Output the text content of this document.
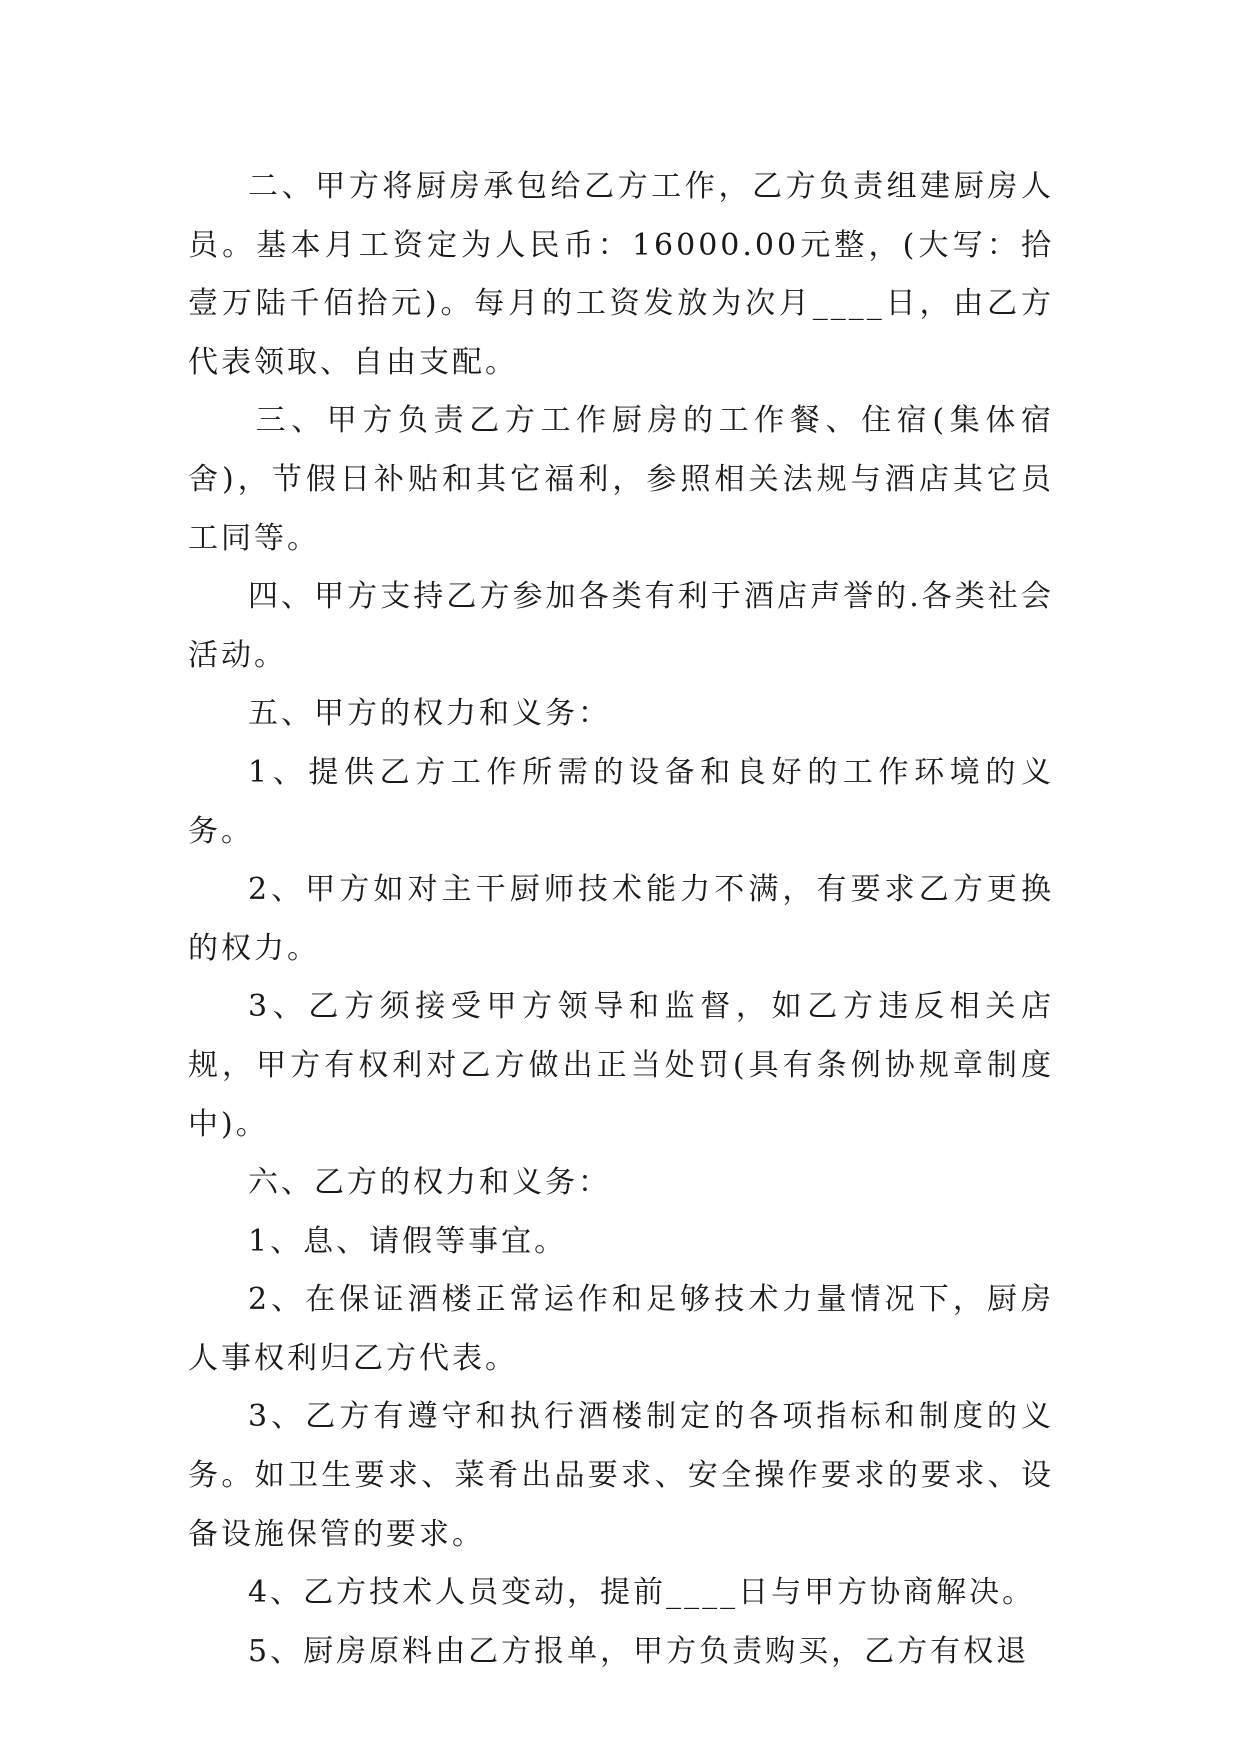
二、甲方将厨房承包给乙方工作，乙方负责组建厨房人员。基本月工资定为人民币：16000.00元整，(大写：拾壹万陆千佰拾元)。每月的工资发放为次月____日，由乙方代表领取、自由支配。

三、甲方负责乙方工作厨房的工作餐、住宿(集体宿舍)，节假日补贴和其它福利，参照相关法规与酒店其它员工同等。

四、甲方支持乙方参加各类有利于酒店声誉的.各类社会活动。

五、甲方的权力和义务：

1、提供乙方工作所需的设备和良好的工作环境的义务。

2、甲方如对主干厨师技术能力不满，有要求乙方更换的权力。

3、乙方须接受甲方领导和监督，如乙方违反相关店规，甲方有权利对乙方做出正当处罚(具有条例协规章制度中)。

六、乙方的权力和义务：

1、息、请假等事宜。

2、在保证酒楼正常运作和足够技术力量情况下，厨房人事权利归乙方代表。

3、乙方有遵守和执行酒楼制定的各项指标和制度的义务。如卫生要求、菜肴出品要求、安全操作要求的要求、设备设施保管的要求。

4、乙方技术人员变动，提前____日与甲方协商解决。

5、厨房原料由乙方报单，甲方负责购买，乙方有权退
